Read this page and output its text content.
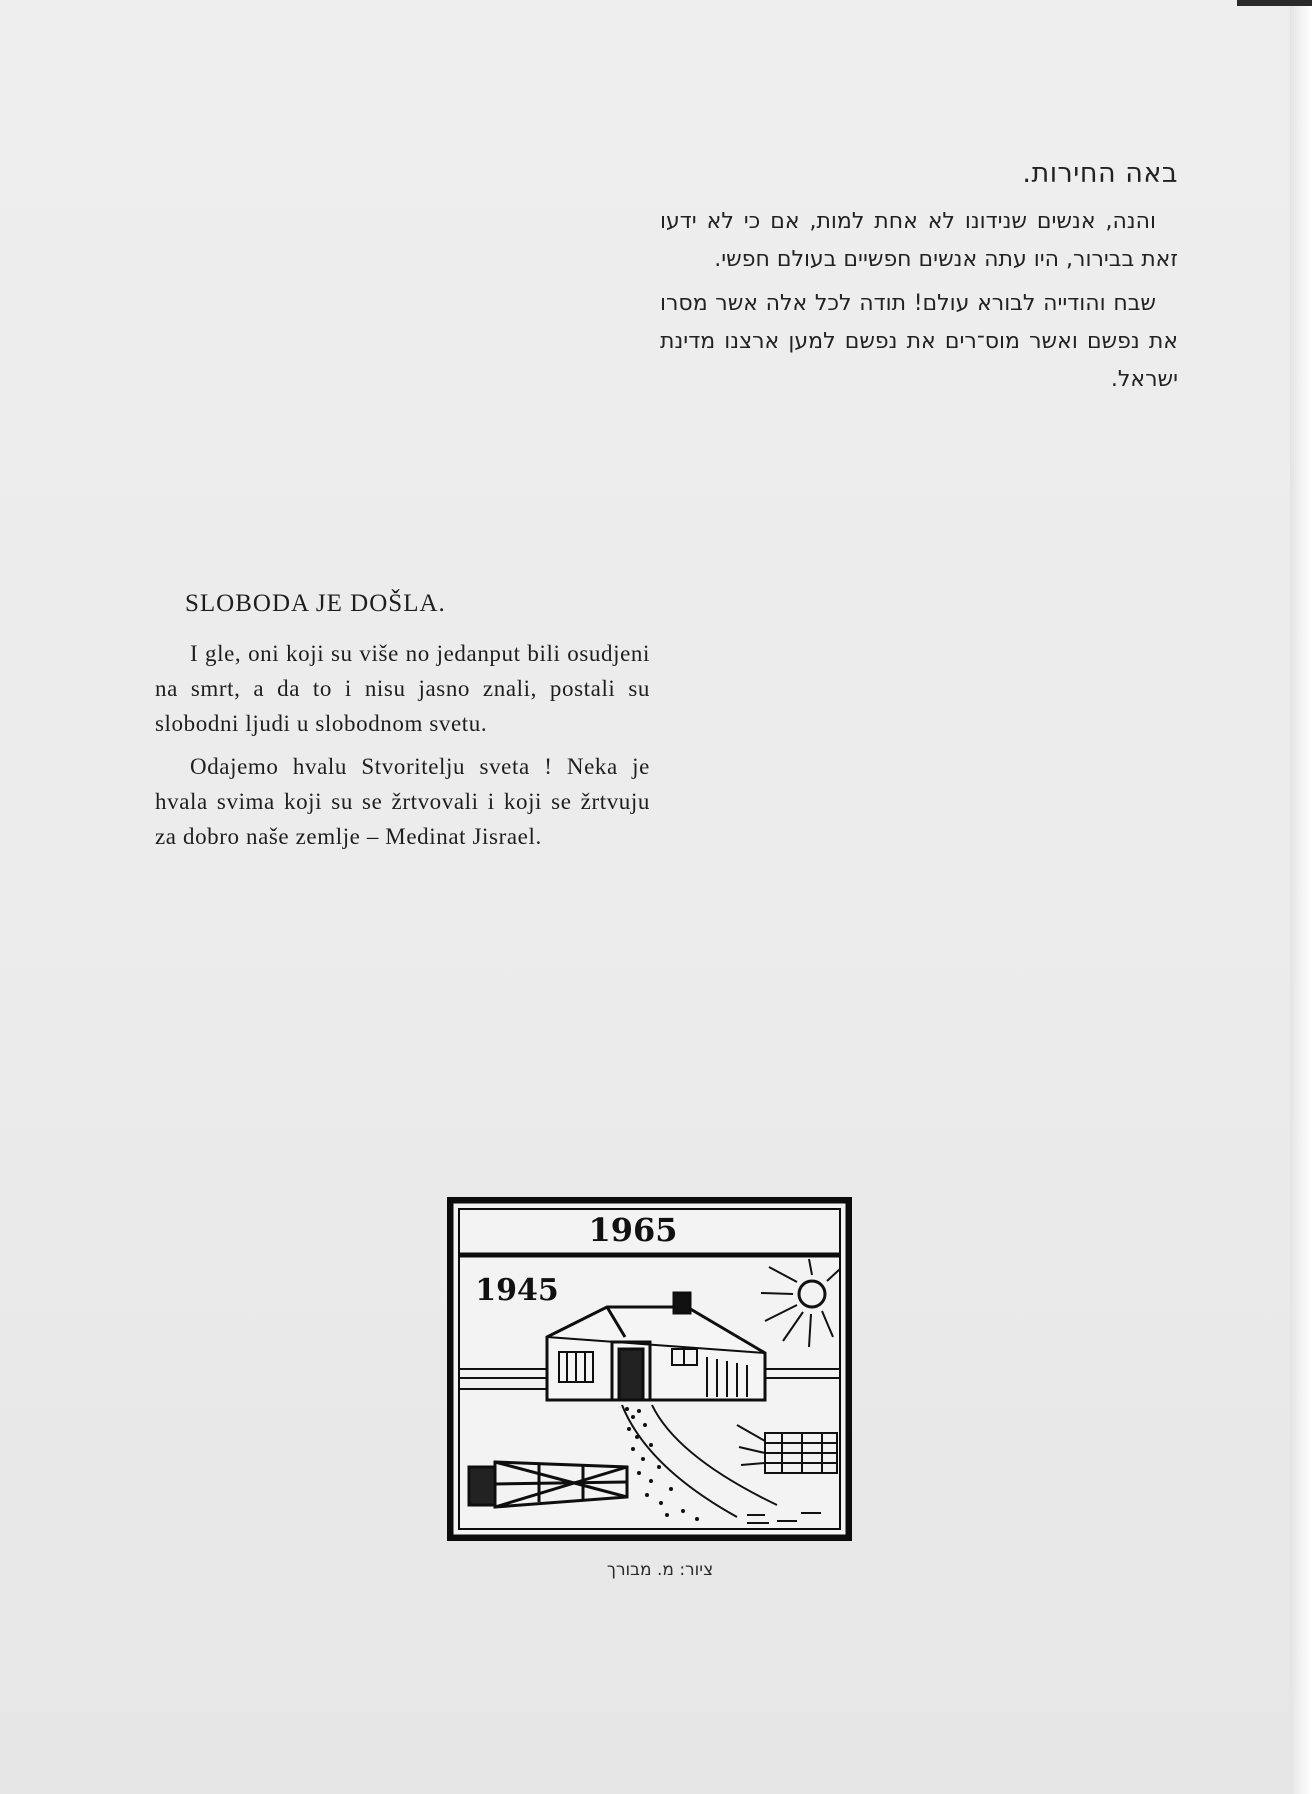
באה החירות.

והנה, אנשים שנידונו לא אחת למות, אם כי לא ידעו זאת בבירור, היו עתה אנשים חפשיים בעולם חפשי.

שבח והודייה לבורא עולם! תודה לכל אלה אשר מסרו את נפשם ואשר מוס־רים את נפשם למען ארצנו מדינת ישראל.

SLOBODA JE DOŠLA.

I gle, oni koji su više no jedanput bili osudjeni na smrt, a da to i nisu jasno znali, postali su slobodni ljudi u slobodnom svetu.

Odajemo hvalu Stvoritelju sveta ! Neka je hvala svima koji su se žrtvovali i koji se žrtvuju za dobro naše zemlje – Medinat Jisrael.

1965
1945
ציור: מ. מבורך
